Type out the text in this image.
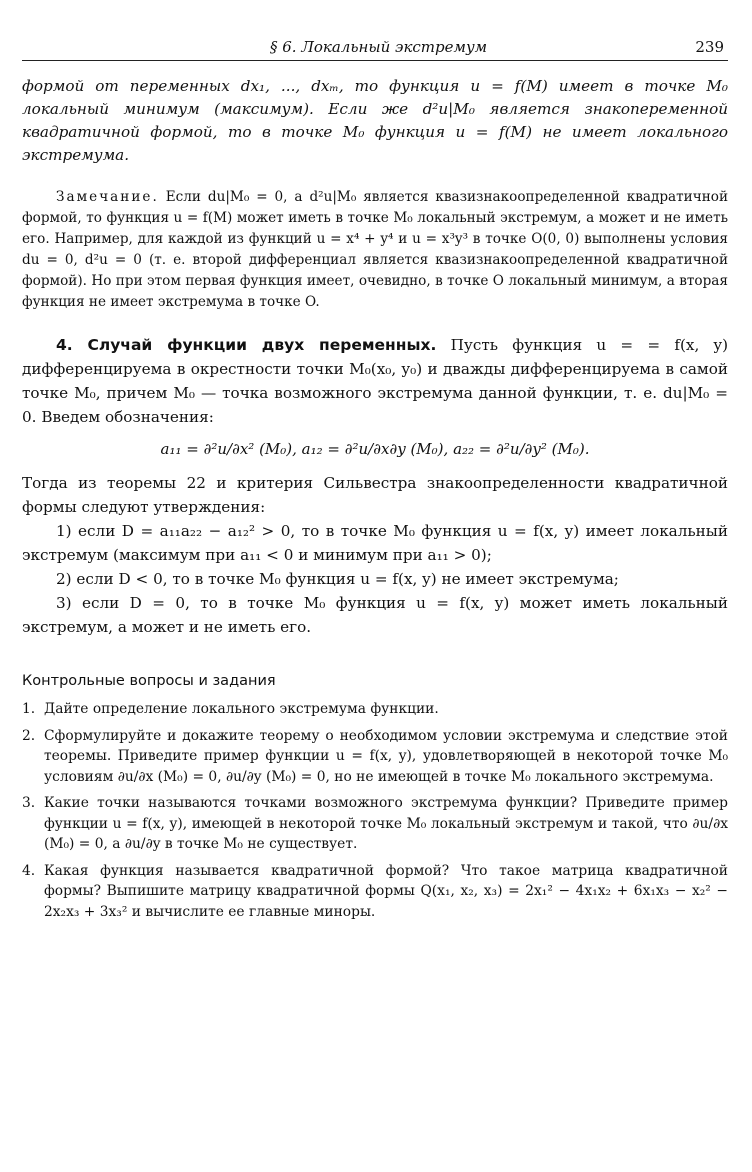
§ 6. Локальный экстремум	239

формой от переменных dx₁, ..., dxₘ, то функция u = f(M) имеет в точке M₀ локальный минимум (максимум). Если же d²u|M₀ является знакопеременной квадратичной формой, то в точке M₀ функция u = f(M) не имеет локального экстремума.

Замечание. Если du|M₀ = 0, а d²u|M₀ является квазизнакоопределенной квадратичной формой, то функция u = f(M) может иметь в точке M₀ локальный экстремум, а может и не иметь его. Например, для каждой из функций u = x⁴ + y⁴ и u = x³y³ в точке O(0, 0) выполнены условия du = 0, d²u = 0 (т. е. второй дифференциал является квазизнакоопределенной квадратичной формой). Но при этом первая функция имеет, очевидно, в точке O локальный минимум, а вторая функция не имеет экстремума в точке O.

4. Случай функции двух переменных. Пусть функция u = = f(x, y) дифференцируема в окрестности точки M₀(x₀, y₀) и дважды дифференцируема в самой точке M₀, причем M₀ — точка возможного экстремума данной функции, т. е. du|M₀ = 0. Введем обозначения:

a₁₁ = ∂²u/∂x² (M₀), a₁₂ = ∂²u/∂x∂y (M₀), a₂₂ = ∂²u/∂y² (M₀).

Тогда из теоремы 22 и критерия Сильвестра знакоопределенности квадратичной формы следуют утверждения:

1) если D = a₁₁a₂₂ − a₁₂² > 0, то в точке M₀ функция u = f(x, y) имеет локальный экстремум (максимум при a₁₁ < 0 и минимум при a₁₁ > 0);

2) если D < 0, то в точке M₀ функция u = f(x, y) не имеет экстремума;

3) если D = 0, то в точке M₀ функция u = f(x, y) может иметь локальный экстремум, а может и не иметь его.

Контрольные вопросы и задания
1. Дайте определение локального экстремума функции.
2. Сформулируйте и докажите теорему о необходимом условии экстремума и следствие этой теоремы. Приведите пример функции u = f(x, y), удовлетворяющей в некоторой точке M₀ условиям ∂u/∂x (M₀) = 0, ∂u/∂y (M₀) = 0, но не имеющей в точке M₀ локального экстремума.
3. Какие точки называются точками возможного экстремума функции? Приведите пример функции u = f(x, y), имеющей в некоторой точке M₀ локальный экстремум и такой, что ∂u/∂x (M₀) = 0, а ∂u/∂y в точке M₀ не существует.
4. Какая функция называется квадратичной формой? Что такое матрица квадратичной формы? Выпишите матрицу квадратичной формы Q(x₁, x₂, x₃) = 2x₁² − 4x₁x₂ + 6x₁x₃ − x₂² − 2x₂x₃ + 3x₃² и вычислите ее главные миноры.
